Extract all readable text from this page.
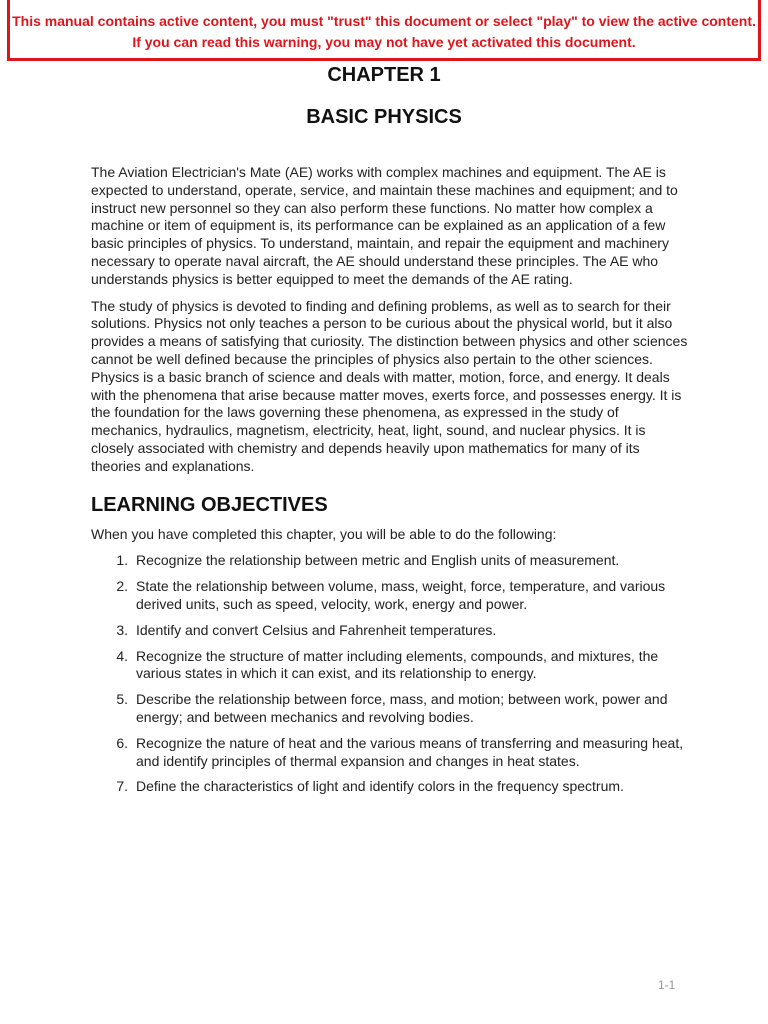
This manual contains active content, you must "trust" this document or select "play" to view the active content.
If you can read this warning, you may not have yet activated this document.
CHAPTER 1
BASIC PHYSICS

The Aviation Electrician's Mate (AE) works with complex machines and equipment. The AE is expected to understand, operate, service, and maintain these machines and equipment; and to instruct new personnel so they can also perform these functions. No matter how complex a machine or item of equipment is, its performance can be explained as an application of a few basic principles of physics. To understand, maintain, and repair the equipment and machinery necessary to operate naval aircraft, the AE should understand these principles. The AE who understands physics is better equipped to meet the demands of the AE rating.

The study of physics is devoted to finding and defining problems, as well as to search for their solutions. Physics not only teaches a person to be curious about the physical world, but it also provides a means of satisfying that curiosity. The distinction between physics and other sciences cannot be well defined because the principles of physics also pertain to the other sciences. Physics is a basic branch of science and deals with matter, motion, force, and energy. It deals with the phenomena that arise because matter moves, exerts force, and possesses energy. It is the foundation for the laws governing these phenomena, as expressed in the study of mechanics, hydraulics, magnetism, electricity, heat, light, sound, and nuclear physics. It is closely associated with chemistry and depends heavily upon mathematics for many of its theories and explanations.

LEARNING OBJECTIVES

When you have completed this chapter, you will be able to do the following:

1. Recognize the relationship between metric and English units of measurement.
2. State the relationship between volume, mass, weight, force, temperature, and various derived units, such as speed, velocity, work, energy and power.
3. Identify and convert Celsius and Fahrenheit temperatures.
4. Recognize the structure of matter including elements, compounds, and mixtures, the various states in which it can exist, and its relationship to energy.
5. Describe the relationship between force, mass, and motion; between work, power and energy; and between mechanics and revolving bodies.
6. Recognize the nature of heat and the various means of transferring and measuring heat, and identify principles of thermal expansion and changes in heat states.
7. Define the characteristics of light and identify colors in the frequency spectrum.
1-1
